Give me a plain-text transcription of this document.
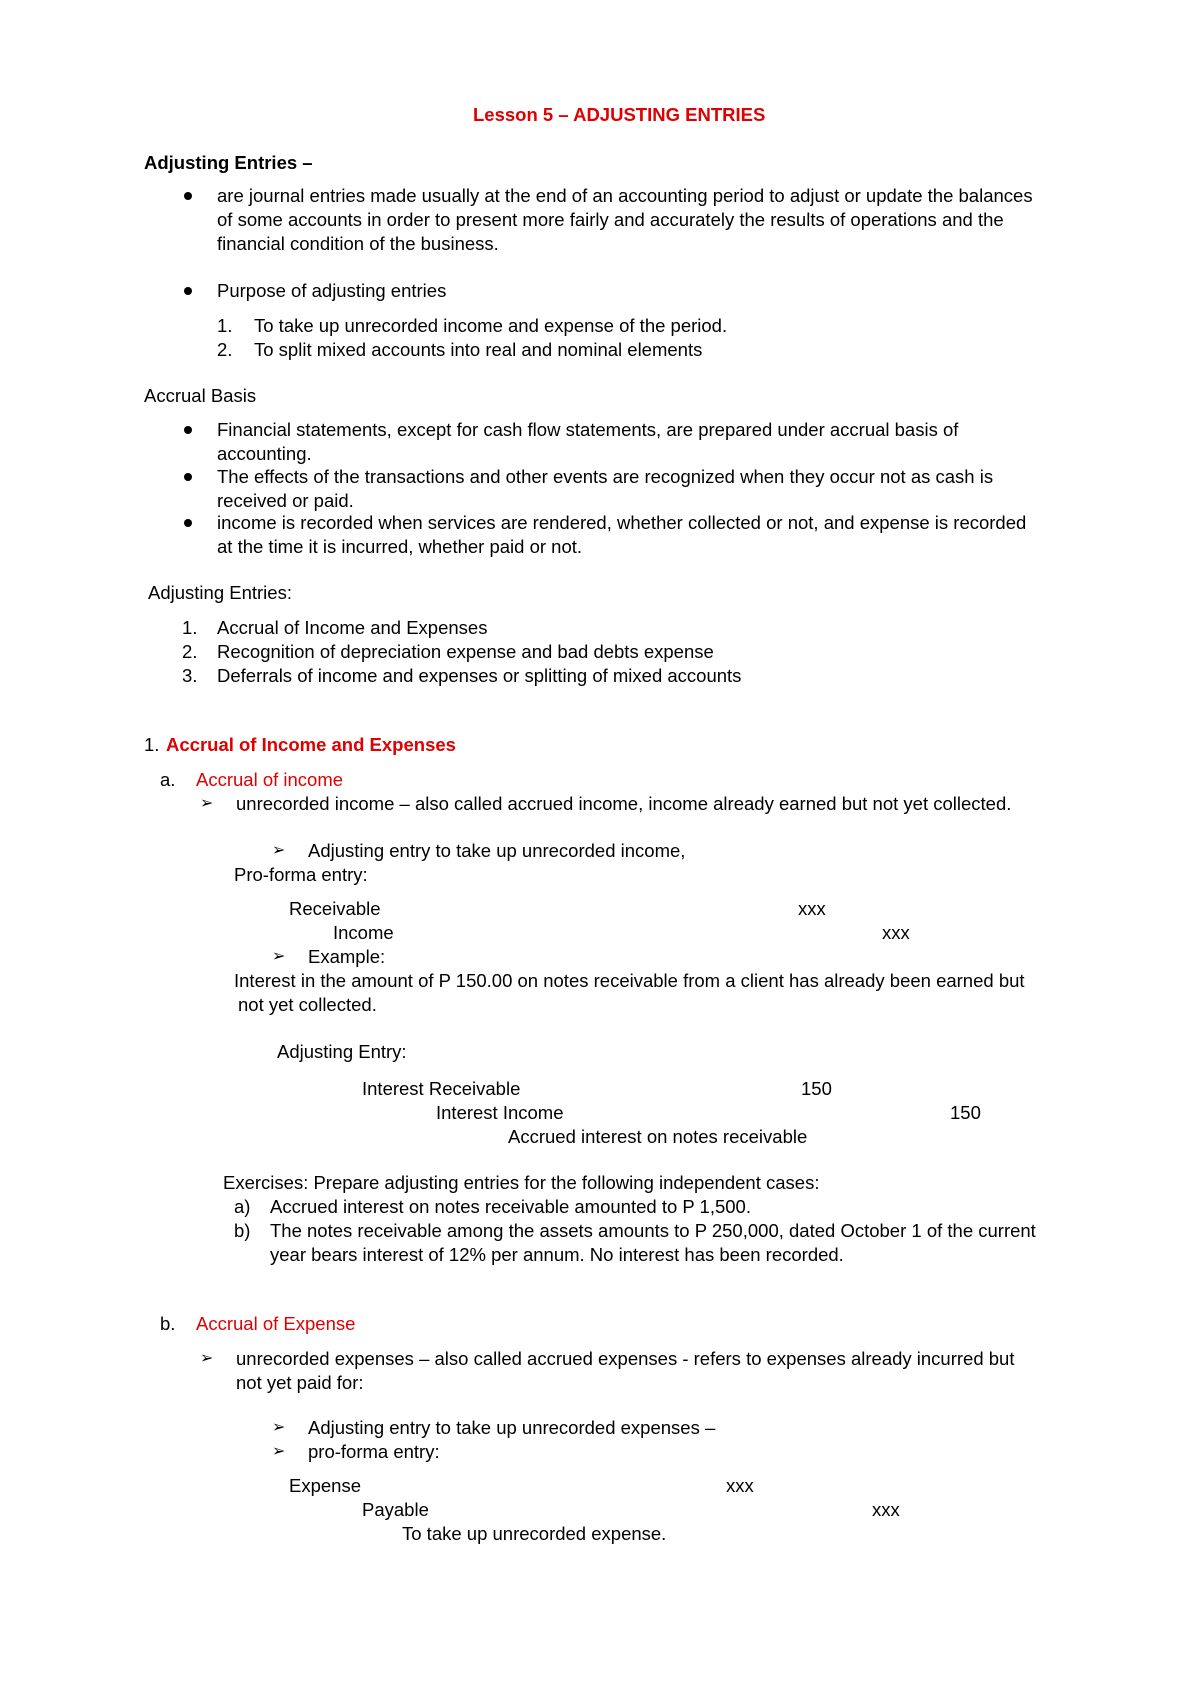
Lesson 5 – ADJUSTING ENTRIES
Adjusting Entries –
are journal entries made usually at the end of an accounting period to adjust or update the balances
of some accounts in order to present more fairly and accurately the results of operations and the
financial condition of the business.
Purpose of adjusting entries
1. To take up unrecorded income and expense of the period.
2. To split mixed accounts into real and nominal elements
Accrual Basis
Financial statements, except for cash flow statements, are prepared under accrual basis of
accounting.
The effects of the transactions and other events are recognized when they occur not as cash is
received or paid.
income is recorded when services are rendered, whether collected or not, and expense is recorded
at the time it is incurred, whether paid or not.
Adjusting Entries:
1. Accrual of Income and Expenses
2. Recognition of depreciation expense and bad debts expense
3. Deferrals of income and expenses or splitting of mixed accounts
1. Accrual of Income and Expenses
a. Accrual of income
➢ unrecorded income – also called accrued income, income already earned but not yet collected.
➢ Adjusting entry to take up unrecorded income,
Pro-forma entry:
Receivable	xxx
Income	xxx
➢ Example:
Interest in the amount of P 150.00 on notes receivable from a client has already been earned but
not yet collected.
Adjusting Entry:
Interest Receivable	150
Interest Income	150
Accrued interest on notes receivable
Exercises: Prepare adjusting entries for the following independent cases:
a) Accrued interest on notes receivable amounted to P 1,500.
b) The notes receivable among the assets amounts to P 250,000, dated October 1 of the current
year bears interest of 12% per annum. No interest has been recorded.
b. Accrual of Expense
➢ unrecorded expenses – also called accrued expenses - refers to expenses already incurred but
not yet paid for:
➢ Adjusting entry to take up unrecorded expenses –
➢ pro-forma entry:
Expense	xxx
Payable	xxx
To take up unrecorded expense.
